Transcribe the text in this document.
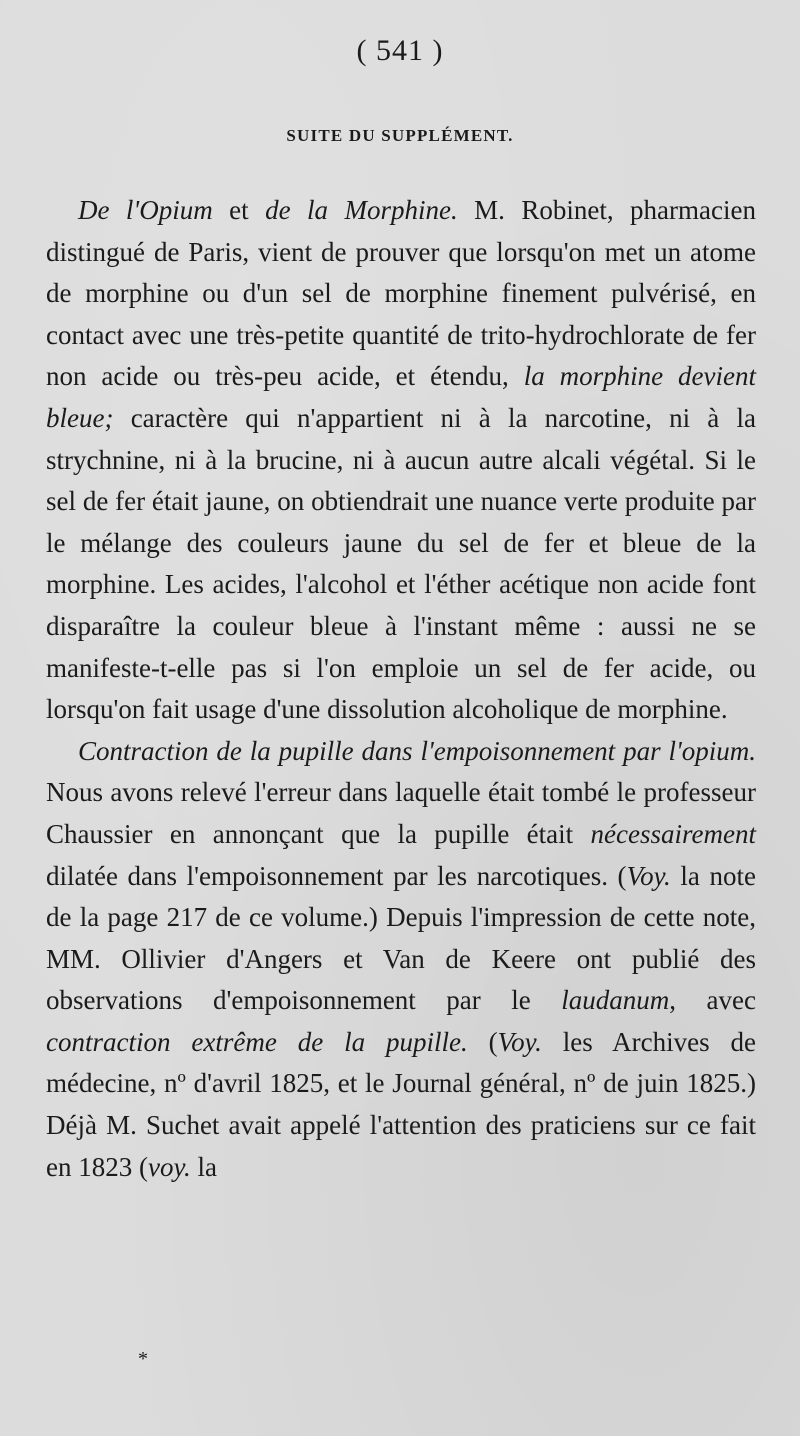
( 541 )
SUITE DU SUPPLÉMENT.

De l'Opium et de la Morphine. M. Robinet, pharmacien distingué de Paris, vient de prouver que lorsqu'on met un atome de morphine ou d'un sel de morphine finement pulvérisé, en contact avec une très-petite quantité de trito-hydrochlorate de fer non acide ou très-peu acide, et étendu, la morphine devient bleue; caractère qui n'appartient ni à la narcotine, ni à la strychnine, ni à la brucine, ni à aucun autre alcali végétal. Si le sel de fer était jaune, on obtiendrait une nuance verte produite par le mélange des couleurs jaune du sel de fer et bleue de la morphine. Les acides, l'alcohol et l'éther acétique non acide font disparaître la couleur bleue à l'instant même : aussi ne se manifeste-t-elle pas si l'on emploie un sel de fer acide, ou lorsqu'on fait usage d'une dissolution alcoholique de morphine.

Contraction de la pupille dans l'empoisonnement par l'opium. Nous avons relevé l'erreur dans laquelle était tombé le professeur Chaussier en annonçant que la pupille était nécessairement dilatée dans l'empoisonnement par les narcotiques. (Voy. la note de la page 217 de ce volume.) Depuis l'impression de cette note, MM. Ollivier d'Angers et Van de Keere ont publié des observations d'empoisonnement par le laudanum, avec contraction extrême de la pupille. (Voy. les Archives de médecine, nº d'avril 1825, et le Journal général, nº de juin 1825.) Déjà M. Suchet avait appelé l'attention des praticiens sur ce fait en 1823 (voy. la

*
